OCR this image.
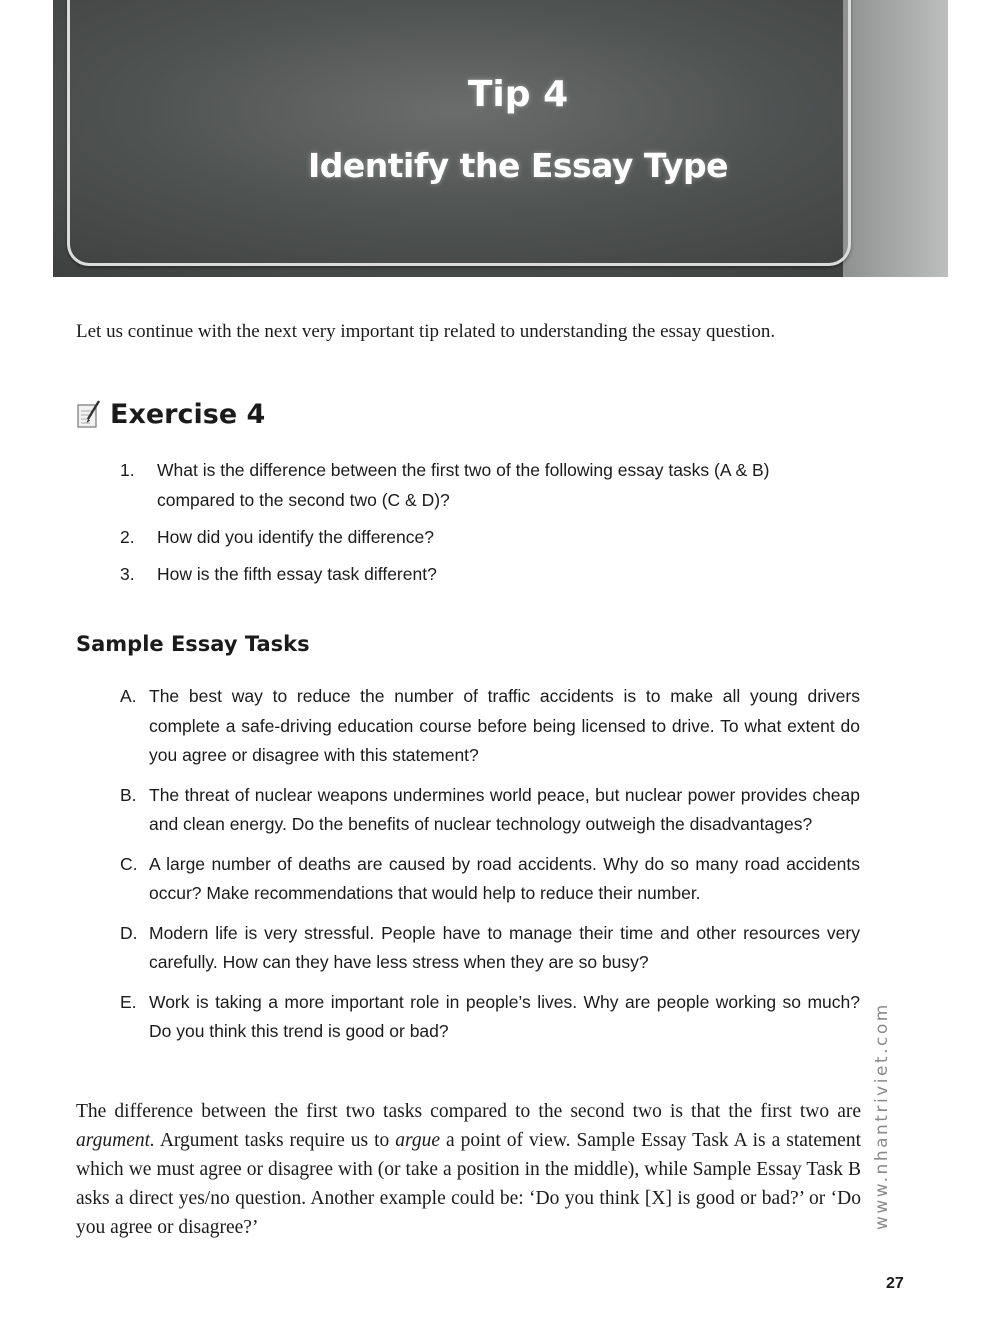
Tip 4
Identify the Essay Type

Let us continue with the next very important tip related to understanding the essay question.

Exercise 4
1.	What is the difference between the first two of the following essay tasks (A & B) compared to the second two (C & D)?
2.	How did you identify the difference?
3.	How is the fifth essay task different?
Sample Essay Tasks
A. The best way to reduce the number of traffic accidents is to make all young drivers complete a safe-driving education course before being licensed to drive. To what extent do you agree or disagree with this statement?
B. The threat of nuclear weapons undermines world peace, but nuclear power provides cheap and clean energy. Do the benefits of nuclear technology outweigh the disadvantages?
C. A large number of deaths are caused by road accidents. Why do so many road accidents occur? Make recommendations that would help to reduce their number.
D. Modern life is very stressful. People have to manage their time and other resources very carefully. How can they have less stress when they are so busy?
E. Work is taking a more important role in people’s lives. Why are people working so much? Do you think this trend is good or bad?

The difference between the first two tasks compared to the second two is that the first two are argument. Argument tasks require us to argue a point of view. Sample Essay Task A is a statement which we must agree or disagree with (or take a position in the middle), while Sample Essay Task B asks a direct yes/no question. Another example could be: ‘Do you think [X] is good or bad?’ or ‘Do you agree or disagree?’	www.nhantriviet.com
27
